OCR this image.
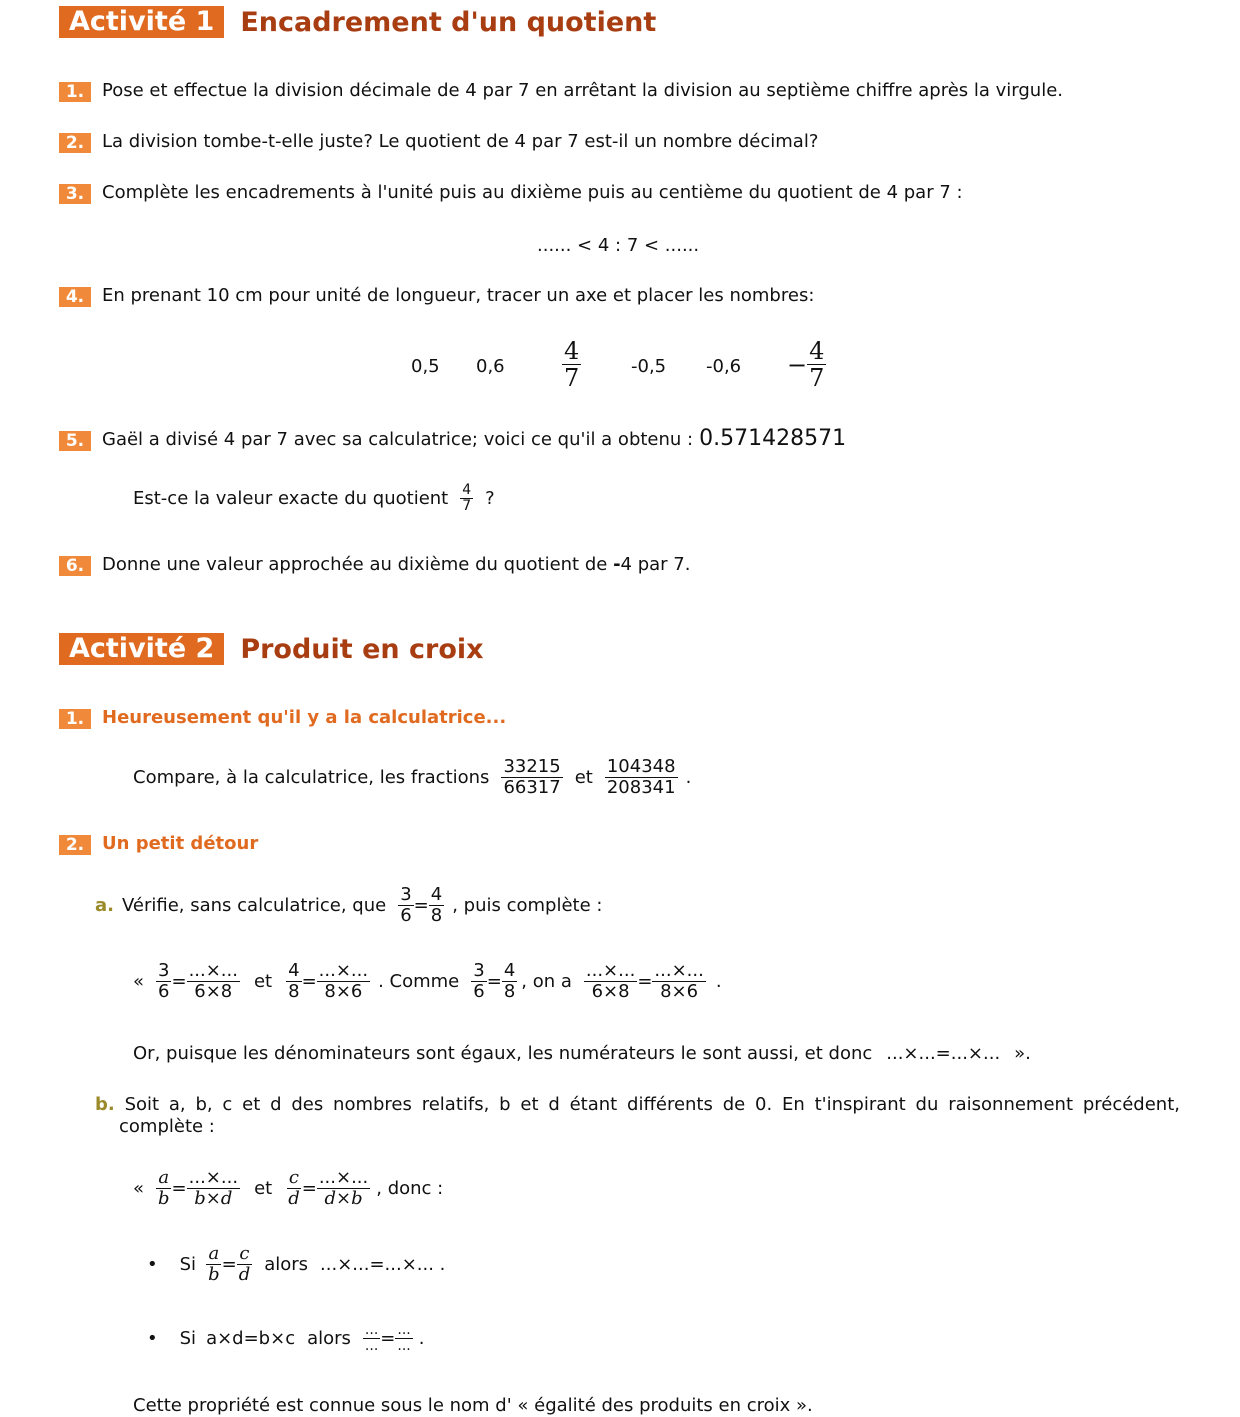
Activité 1 Encadrement d'un quotient
1. Pose et effectue la division décimale de 4 par 7 en arrêtant la division au septième chiffre après la virgule.
2. La division tombe-t-elle juste? Le quotient de 4 par 7 est-il un nombre décimal?
3. Complète les encadrements à l'unité puis au dixième puis au centième du quotient de 4 par 7 :
...... < 4 : 7 < ......
4. En prenant 10 cm pour unité de longueur, tracer un axe et placer les nombres:
0,5 $0,6 \frac{4}{7}$	-0,5 $-0,6 - \frac{4}{7}$
5. Gaël a divisé 4 par 7 avec sa calculatrice; voici ce qu'il a obtenu : 0.571428571
Est-ce la valeur exacte du quotient $\frac{4}{7}$ ?
6. Donne une valeur approchée au dixième du quotient de -4 par 7.
Activité 2 Produit en croix
1. Heureusement qu'il y a la calculatrice...
Compare, à la calculatrice, les fractions $\frac{33215}{66317}$ et $\frac{104348}{208341}$ .
2. Un petit détour
a. Vérifie, sans calculatrice, que $\frac{3}{6} = \frac{4}{8}$ , puis complète :
« $\frac{3}{6} = \frac{...\times...}{6\times 8}$ et $\frac{4}{8} = \frac{...\times...}{8\times 6}$ . Comme $\frac{3}{6} = \frac{4}{8}$ , on a $\frac{...\times...}{6\times 8} = \frac{...\times...}{8\times 6}$ .
Or, puisque les dénominateurs sont égaux, les numérateurs le sont aussi, et donc ...×...=...×... ».
b. Soit a, b, c et d des nombres relatifs, b et d étant différents de 0. En t'inspirant du raisonnement précédent,
complète :
« $\frac{a}{b} = \frac{...\times...}{b\times d}$ et $\frac{c}{d} = \frac{...\times...}{d\times b}$ , donc :
• Si $\frac{a}{b} = \frac{c}{d}$ alors ...×...=...×... .
• Si a×d=b×c alors $\frac{...}{...} = \frac{...}{...}$ .
Cette propriété est connue sous le nom d' « égalité des produits en croix ».
